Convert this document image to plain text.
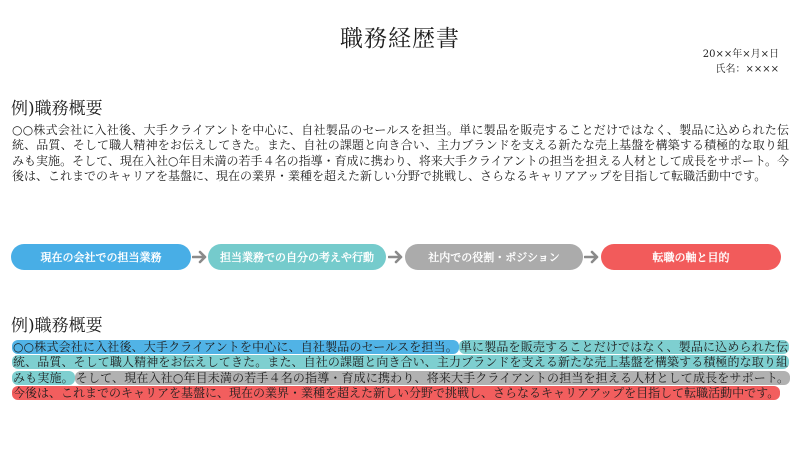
職務経歴書
20××年×月×日
氏名：××××
例)職務概要
○○株式会社に入社後、大手クライアントを中心に、自社製品のセールスを担当。単に製品を販売することだけではなく、製品に込められた伝統、品質、そして職人精神をお伝えしてきた。また、自社の課題と向き合い、主力ブランドを支える新たな売上基盤を構築する積極的な取り組みも実施。そして、現在入社○年目未満の若手４名の指導・育成に携わり、将来大手クライアントの担当を担える人材として成長をサポート。今後は、これまでのキャリアを基盤に、現在の業界・業種を超えた新しい分野で挑戦し、さらなるキャリアアップを目指して転職活動中です。
現在の会社での担当業務	担当業務での自分の考えや行動	社内での役割・ポジション	転職の軸と目的
例)職務概要
○○株式会社に入社後、大手クライアントを中心に、自社製品のセールスを担当。 単に製品を販売することだけではなく、製品に込められた伝統、品質、そして職人精神をお伝えしてきた。また、自社の課題と向き合い、主力ブランドを支える新たな売上基盤を構築する積極的な取り組みも実施。 そして、現在入社○年目未満の若手４名の指導・育成に携わり、将来大手クライアントの担当を担える人材として成長をサポート。今後は、これまでのキャリアを基盤に、現在の業界・業種を超えた新しい分野で挑戦し、さらなるキャリアアップを目指して転職活動中です。
